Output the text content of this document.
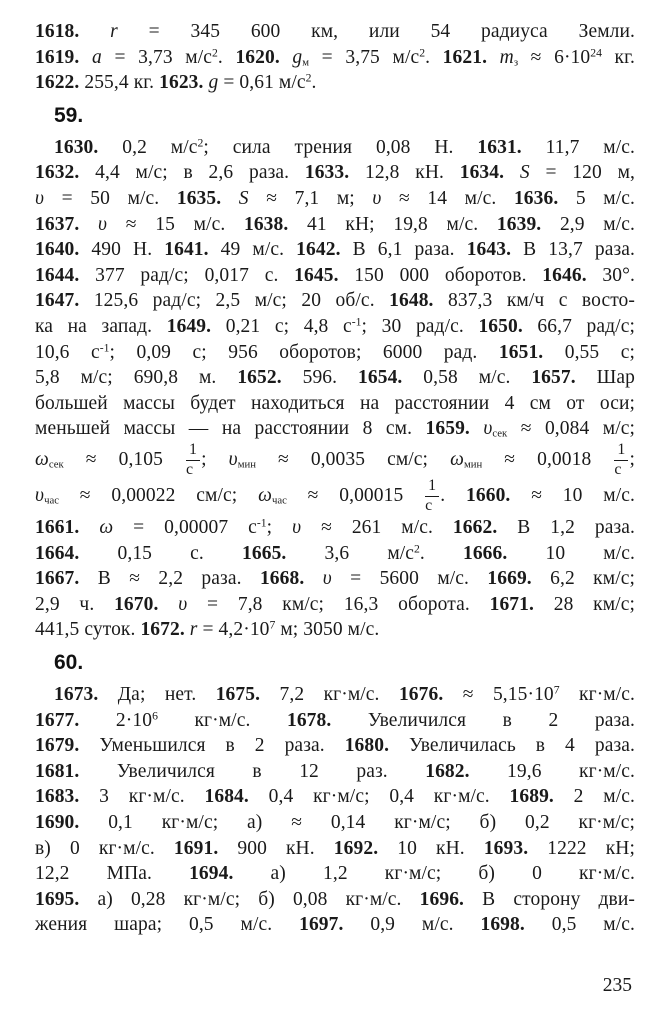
1618. r = 345 600 км, или 54 радиуса Земли.
1619. a = 3,73 $м/с^2$. 1620. $g_м = 3,75$ $м/с^2$. 1621. $m_з \approx 6\cdot 10^{24}$ кг.
1622. 255,4 кг. 1623. g = 0,61 $м/с^2$.
59.
1630. 0,2 $м/с^2$; сила трения 0,08 Н. 1631. 11,7 м/с.
1632. 4,4 м/с; в 2,6 раза. 1633. 12,8 кН. 1634. S = 120 м,
υ = 50 м/с. 1635. S ≈ 7,1 м; υ ≈ 14 м/с. 1636. 5 м/с.
1637. υ ≈ 15 м/с. 1638. 41 кН; 19,8 м/с. 1639. 2,9 м/с.
1640. 490 Н. 1641. 49 м/с. 1642. В 6,1 раза. 1643. В 13,7 раза.
1644. 377 рад/с; 0,017 с. 1645. 150 000 оборотов. 1646. 30°.
1647. 125,6 рад/с; 2,5 м/с; 20 об/с. 1648. 837,3 км/ч с восто-
ка на запад. 1649. 0,21 с; 4,8 $с^{-1}$; 30 рад/с. 1650. 66,7 рад/с;
10,6 $с^{-1}$; 0,09 с; 956 оборотов; 6000 рад. 1651. 0,55 с;
5,8 м/с; 690,8 м. 1652. 596. 1654. 0,58 м/с. 1657. Шар
большей массы будет находиться на расстоянии 4 см от оси;
меньшей массы — на расстоянии 8 см. 1659. $\upsilon_{сек} \approx 0,084$ м/с;
$\omega_{сек} \approx 0,105 \frac{1}{с}$ ; $\upsilon_{мин} \approx 0,0035$ см/с; $\omega_{мин} \approx 0,0018 \frac{1}{с}$ ;
$\upsilon_{час} \approx 0,00022$ см/с; $\omega_{час} \approx 0,00015 \frac{1}{с}$ . 1660. ≈ 10 м/с.
1661. ω = 0,00007 $с^{-1}$; υ ≈ 261 м/с. 1662. В 1,2 раза.
1664. 0,15 с. 1665. 3,6 $м/с^2$. 1666. 10 м/с.
1667. В ≈ 2,2 раза. 1668. υ = 5600 м/с. 1669. 6,2 км/с;
2,9 ч. 1670. υ = 7,8 км/с; 16,3 оборота. 1671. 28 км/с;
441,5 суток. 1672. $r = 4,2\cdot 10^7$ м; 3050 м/с.
60.
1673. Да; нет. 1675. 7,2 кг·м/с. 1676. ≈ $5,15\cdot 10^7$ кг·м/с.
1677. $2\cdot 10^6$ кг·м/с. 1678. Увеличился в 2 раза.
1679. Уменьшился в 2 раза. 1680. Увеличилась в 4 раза.
1681. Увеличился в 12 раз. 1682. 19,6 кг·м/с.
1683. 3 кг·м/с. 1684. 0,4 кг·м/с; 0,4 кг·м/с. 1689. 2 м/с.
1690. 0,1 кг·м/с; а) ≈ 0,14 кг·м/с; б) 0,2 кг·м/с;
в) 0 кг·м/с. 1691. 900 кН. 1692. 10 кН. 1693. 1222 кН;
12,2 МПа. 1694. а) 1,2 кг·м/с; б) 0 кг·м/с.
1695. а) 0,28 кг·м/с; б) 0,08 кг·м/с. 1696. В сторону дви-
жения шара; 0,5 м/с. 1697. 0,9 м/с. 1698. 0,5 м/с.
235
